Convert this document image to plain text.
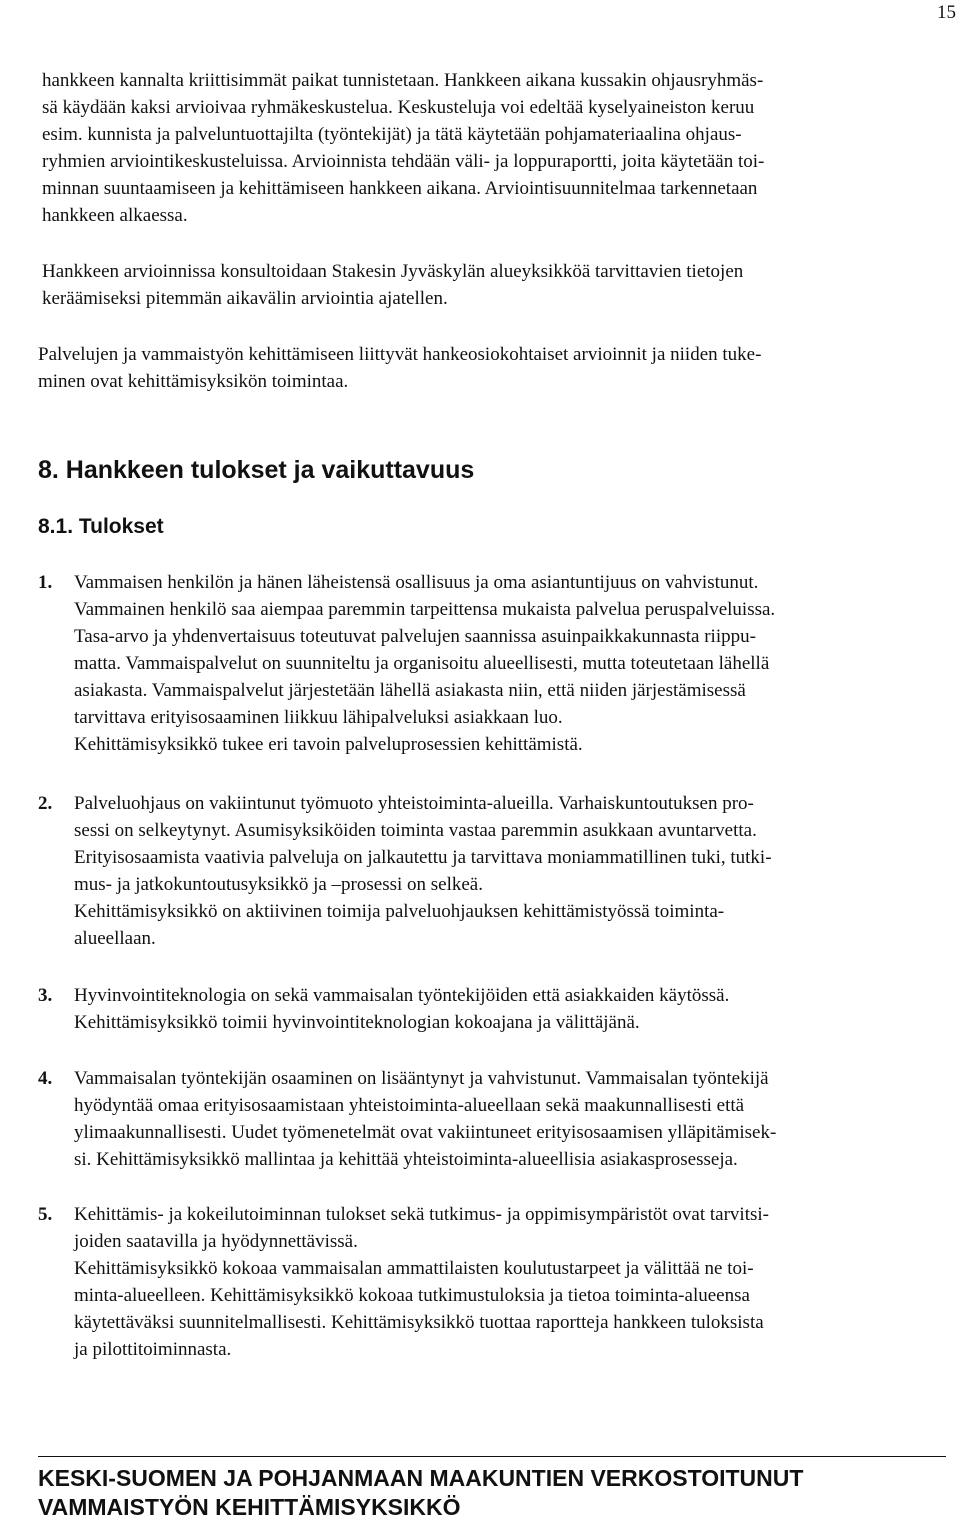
15
hankkeen kannalta kriittisimmät paikat tunnistetaan. Hankkeen aikana kussakin ohjausryhmäs-
sä käydään kaksi arvioivaa ryhmäkeskustelua. Keskusteluja voi edeltää kyselyaineiston keruu
esim. kunnista ja palveluntuottajilta (työntekijät) ja tätä käytetään pohjamateriaalina ohjaus-
ryhmien arviointikeskusteluissa. Arvioinnista tehdään väli- ja loppuraportti, joita käytetään toi-
minnan suuntaamiseen ja kehittämiseen hankkeen aikana. Arviointisuunnitelmaa tarkennetaan
hankkeen alkaessa.
Hankkeen arvioinnissa konsultoidaan Stakesin Jyväskylän alueyksikköä tarvittavien tietojen
keräämiseksi pitemmän aikavälin arviointia ajatellen.
Palvelujen ja vammaistyön kehittämiseen liittyvät hankeosiokohtaiset arvioinnit ja niiden tuke-
minen ovat kehittämisyksikön toimintaa.
8. Hankkeen tulokset ja vaikuttavuus
8.1. Tulokset
1. Vammaisen henkilön ja hänen läheistensä osallisuus ja oma asiantuntijuus on vahvistunut.
Vammainen henkilö saa aiempaa paremmin tarpeittensa mukaista palvelua peruspalveluissa.
Tasa-arvo ja yhdenvertaisuus toteutuvat palvelujen saannissa asuinpaikkakunnasta riippu-
matta. Vammaispalvelut on suunniteltu ja organisoitu alueellisesti, mutta toteutetaan lähellä
asiakasta. Vammaispalvelut järjestetään lähellä asiakasta niin, että niiden järjestämisessä
tarvittava erityisosaaminen liikkuu lähipalveluksi asiakkaan luo.
Kehittämisyksikkö tukee eri tavoin palveluprosessien kehittämistä.
2. Palveluohjaus on vakiintunut työmuoto yhteistoiminta-alueilla. Varhaiskuntoutuksen pro-
sessi on selkeytynyt. Asumisyksiköiden toiminta vastaa paremmin asukkaan avuntarvetta.
Erityisosaamista vaativia palveluja on jalkautettu ja tarvittava moniammatillinen tuki, tutki-
mus- ja jatkokuntoutusyksikkö ja –prosessi on selkeä.
Kehittämisyksikkö on aktiivinen toimija palveluohjauksen kehittämistyössä toiminta-
alueellaan.
3. Hyvinvointiteknologia on sekä vammaisalan työntekijöiden että asiakkaiden käytössä.
Kehittämisyksikkö toimii hyvinvointiteknologian kokoajana ja välittäjänä.
4. Vammaisalan työntekijän osaaminen on lisääntynyt ja vahvistunut. Vammaisalan työntekijä
hyödyntää omaa erityisosaamistaan yhteistoiminta-alueellaan sekä maakunnallisesti että
ylimaakunnallisesti. Uudet työmenetelmät ovat vakiintuneet erityisosaamisen ylläpitämisek-
si. Kehittämisyksikkö mallintaa ja kehittää yhteistoiminta-alueellisia asiakasprosesseja.
5. Kehittämis- ja kokeilutoiminnan tulokset sekä tutkimus- ja oppimisympäristöt ovat tarvitsi-
joiden saatavilla ja hyödynnettävissä.
Kehittämisyksikkö kokoaa vammaisalan ammattilaisten koulutustarpeet ja välittää ne toi-
minta-alueelleen. Kehittämisyksikkö kokoaa tutkimustuloksia ja tietoa toiminta-alueensa
käytettäväksi suunnitelmallisesti. Kehittämisyksikkö tuottaa raportteja hankkeen tuloksista
ja pilottitoiminnasta.
KESKI-SUOMEN JA POHJANMAAN MAAKUNTIEN VERKOSTOITUNUT
VAMMAISTYÖN KEHITTÄMISYKSIKKÖ
